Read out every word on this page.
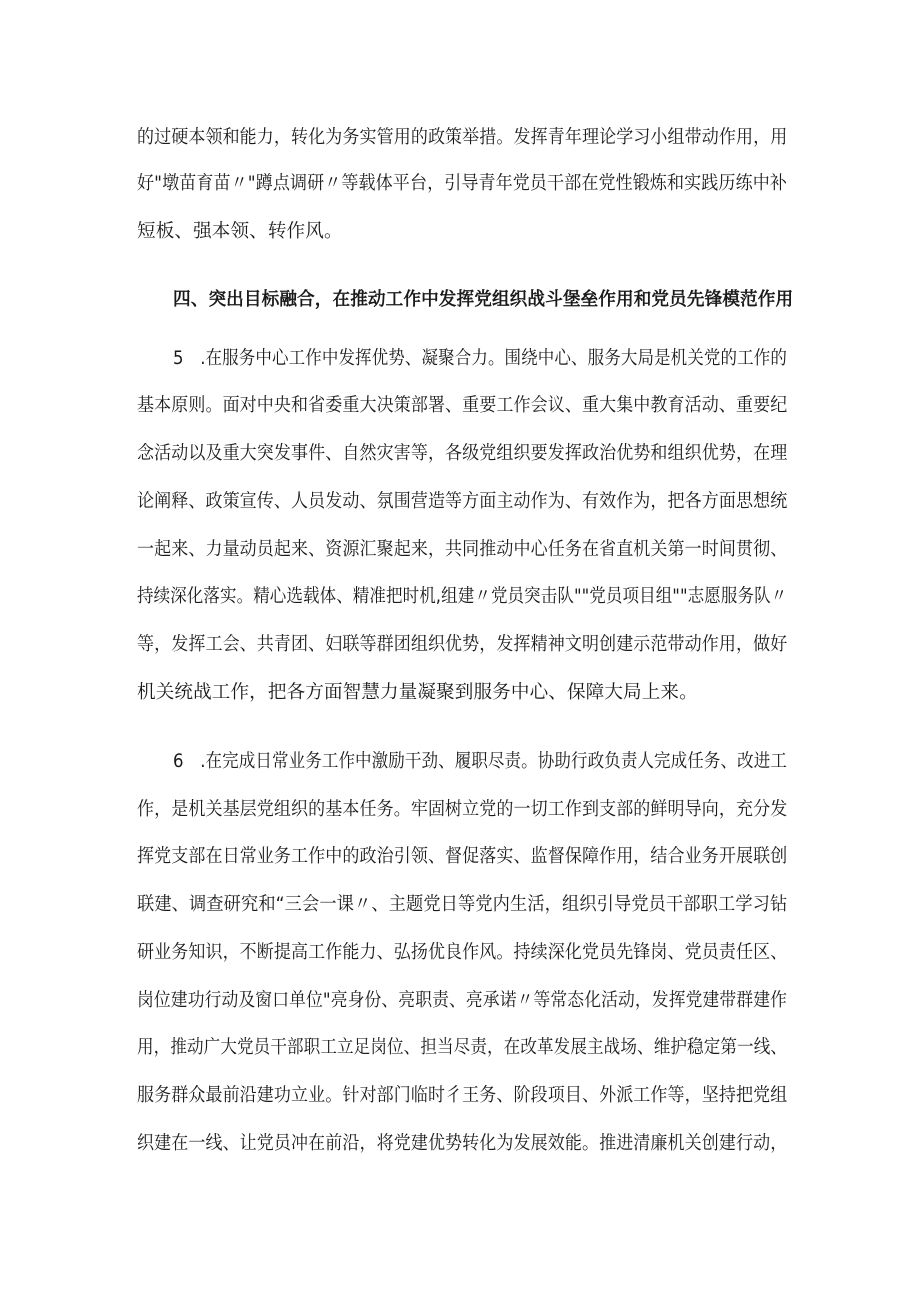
的过硬本领和能力，转化为务实管用的政策举措。发挥青年理论学习小组带动作用，用
好"墩苗育苗〃"蹲点调研〃等载体平台，引导青年党员干部在党性锻炼和实践历练中补
短板、强本领、转作风。
四、突出目标融合，在推动工作中发挥党组织战斗堡垒作用和党员先锋模范作用
5　.在服务中心工作中发挥优势、凝聚合力。围绕中心、服务大局是机关党的工作的
基本原则。面对中央和省委重大决策部署、重要工作会议、重大集中教育活动、重要纪
念活动以及重大突发事件、自然灾害等，各级党组织要发挥政治优势和组织优势，在理
论阐释、政策宣传、人员发动、氛围营造等方面主动作为、有效作为，把各方面思想统
一起来、力量动员起来、资源汇聚起来，共同推动中心任务在省直机关第一时间贯彻、
持续深化落实。精心选载体、精准把时机,组建〃党员突击队""党员项目组""志愿服务队〃
等，发挥工会、共青团、妇联等群团组织优势，发挥精神文明创建示范带动作用，做好
机关统战工作，把各方面智慧力量凝聚到服务中心、保障大局上来。
6　.在完成日常业务工作中激励干劲、履职尽责。协助行政负责人完成任务、改进工
作，是机关基层党组织的基本任务。牢固树立党的一切工作到支部的鲜明导向，充分发
挥党支部在日常业务工作中的政治引领、督促落实、监督保障作用，结合业务开展联创
联建、调查研究和“三会一课〃、主题党日等党内生活，组织引导党员干部职工学习钻
研业务知识，不断提高工作能力、弘扬优良作风。持续深化党员先锋岗、党员责任区、
岗位建功行动及窗口单位"亮身份、亮职责、亮承诺〃等常态化活动，发挥党建带群建作
用，推动广大党员干部职工立足岗位、担当尽责，在改革发展主战场、维护稳定第一线、
服务群众最前沿建功立业。针对部门临时彳王务、阶段项目、外派工作等，坚持把党组
织建在一线、让党员冲在前沿，将党建优势转化为发展效能。推进清廉机关创建行动，
